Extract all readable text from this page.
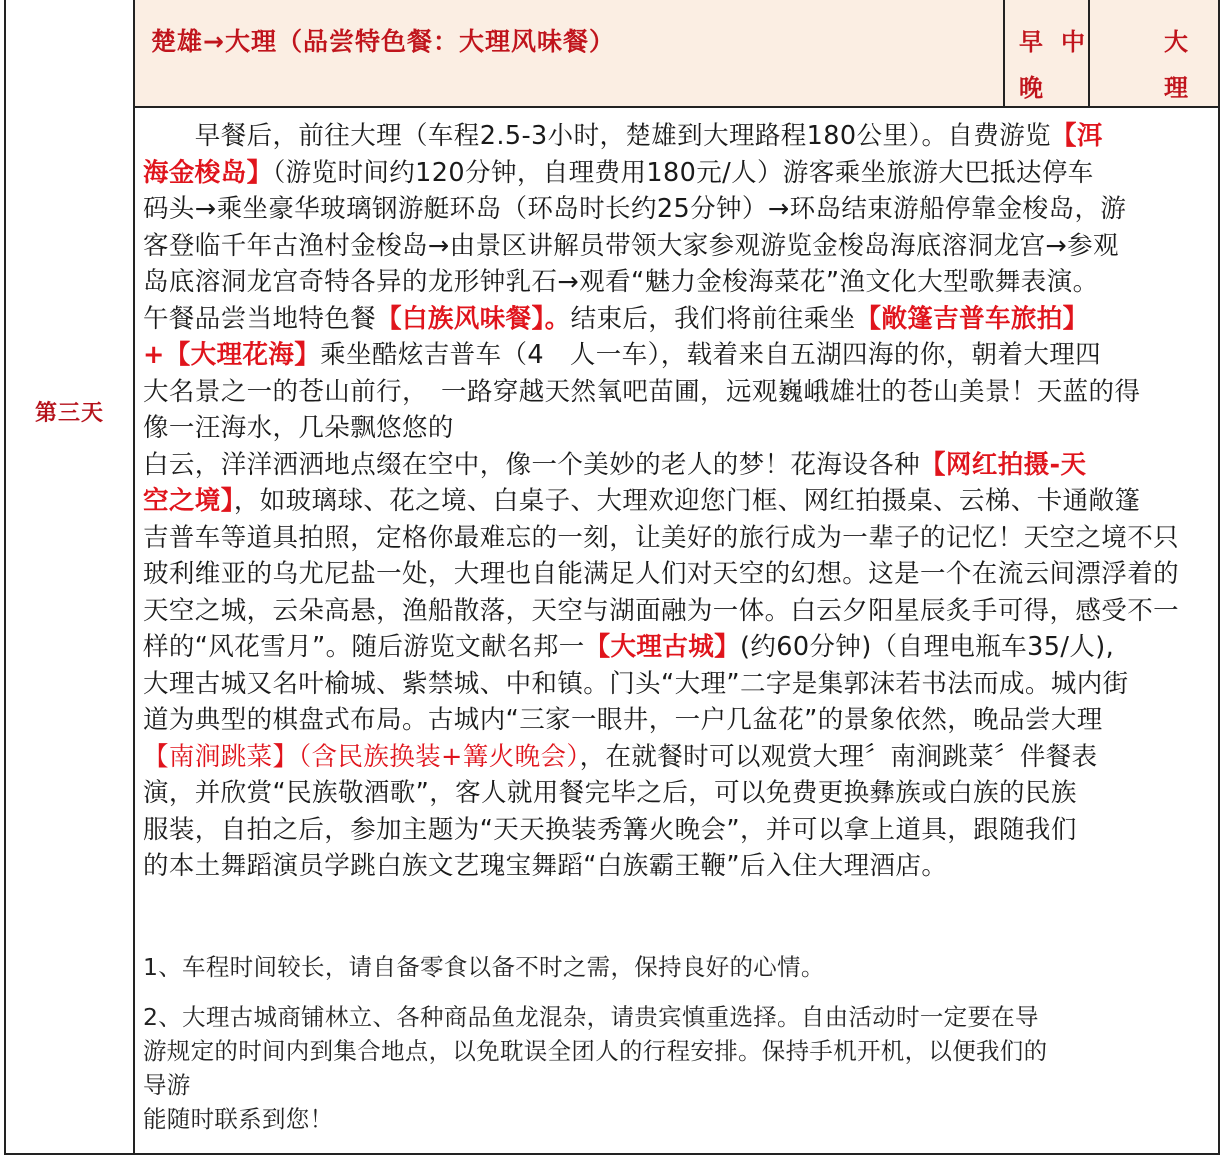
第三天
楚雄→大理（品尝特色餐：大理风味餐）	早 中
晚
大
理
　　早餐后，前往大理（车程2.5-3小时，楚雄到大理路程180公里）。自费游览【洱
海金梭岛】（游览时间约120分钟，自理费用180元/人）游客乘坐旅游大巴抵达停车
码头→乘坐豪华玻璃钢游艇环岛（环岛时长约25分钟）→环岛结束游船停靠金梭岛，游
客登临千年古渔村金梭岛→由景区讲解员带领大家参观游览金梭岛海底溶洞龙宫→参观
岛底溶洞龙宫奇特各异的龙形钟乳石→观看“魅力金梭海菜花”渔文化大型歌舞表演。
午餐品尝当地特色餐【白族风味餐】。结束后，我们将前往乘坐【敞篷吉普车旅拍】
+【大理花海】乘坐酷炫吉普车（4　人一车），载着来自五湖四海的你，朝着大理四
大名景之一的苍山前行，　一路穿越天然氧吧苗圃，远观巍峨雄壮的苍山美景！天蓝的得
像一汪海水，几朵飘悠悠的
白云，洋洋洒洒地点缀在空中，像一个美妙的老人的梦！花海设各种【网红拍摄-天
空之境】，如玻璃球、花之境、白桌子、大理欢迎您门框、网红拍摄桌、云梯、卡通敞篷
吉普车等道具拍照，定格你最难忘的一刻，让美好的旅行成为一辈子的记忆！天空之境不只
玻利维亚的乌尤尼盐一处，大理也自能满足人们对天空的幻想。这是一个在流云间漂浮着的
天空之城，云朵高悬，渔船散落，天空与湖面融为一体。白云夕阳星辰炙手可得，感受不一
样的“风花雪月”。随后游览文献名邦一【大理古城】(约60分钟)（自理电瓶车35/人),
大理古城又名叶榆城、紫禁城、中和镇。门头“大理”二字是集郭沫若书法而成。城内街
道为典型的棋盘式布局。古城内“三家一眼井，一户几盆花”的景象依然，晚品尝大理
【南涧跳菜】（含民族换装+篝火晚会），在就餐时可以观赏大理〞南涧跳菜〞伴餐表
演，并欣赏“民族敬酒歌”，客人就用餐完毕之后，可以免费更换彝族或白族的民族
服装，自拍之后，参加主题为“天天换装秀篝火晚会”，并可以拿上道具，跟随我们
的本土舞蹈演员学跳白族文艺瑰宝舞蹈“白族霸王鞭”后入住大理酒店。
1、车程时间较长，请自备零食以备不时之需，保持良好的心情。
2、大理古城商铺林立、各种商品鱼龙混杂，请贵宾慎重选择。自由活动时一定要在导
游规定的时间内到集合地点，以免耽误全团人的行程安排。保持手机开机，以便我们的
导游
能随时联系到您！
